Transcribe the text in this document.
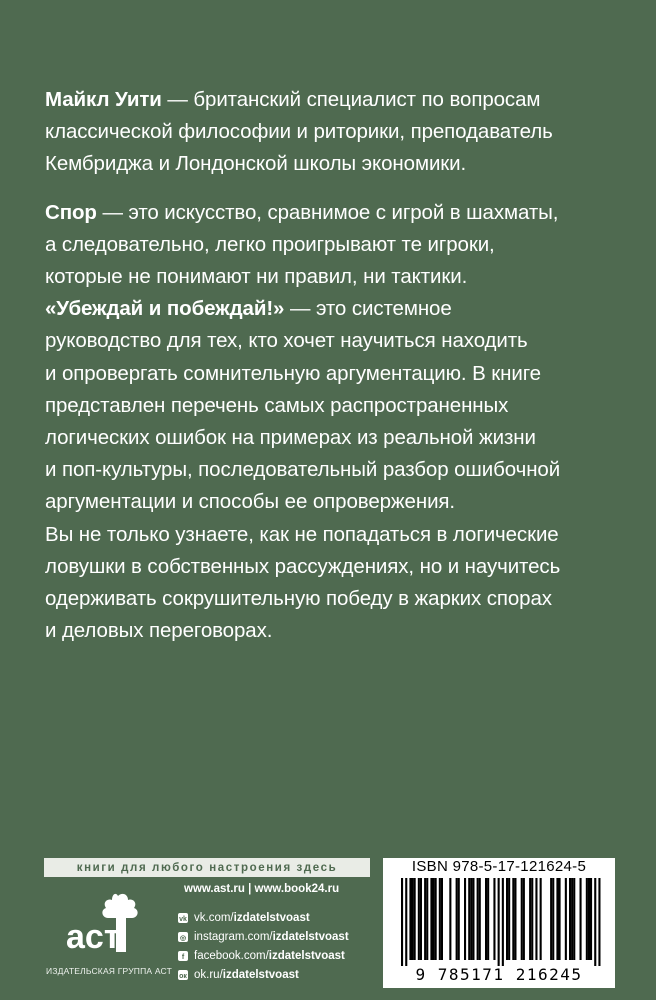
Майкл Уити — британский специалист по вопросам
классической философии и риторики, преподаватель
Кембриджа и Лондонской школы экономики.
Спор — это искусство, сравнимое с игрой в шахматы,
а следовательно, легко проигрывают те игроки,
которые не понимают ни правил, ни тактики.
«Убеждай и побеждай!» — это системное
руководство для тех, кто хочет научиться находить
и опровергать сомнительную аргументацию. В книге
представлен перечень самых распространенных
логических ошибок на примерах из реальной жизни
и поп-культуры, последовательный разбор ошибочной
аргументации и способы ее опровержения.
Вы не только узнаете, как не попадаться в логические
ловушки в собственных рассуждениях, но и научитесь
одерживать сокрушительную победу в жарких спорах
и деловых переговорах.
книги для любого настроения здесь
аст
ИЗДАТЕЛЬСКАЯ ГРУППА АСТ
www.ast.ru | www.book24.ru
vk vk.com/ izdatelstvoast
◎ instagram.com/ izdatelstvoast
f facebook.com/ izdatelstvoast
ок ok.ru/ izdatelstvoast
ISBN 978-5-17-121624-5
9 785171 216245
